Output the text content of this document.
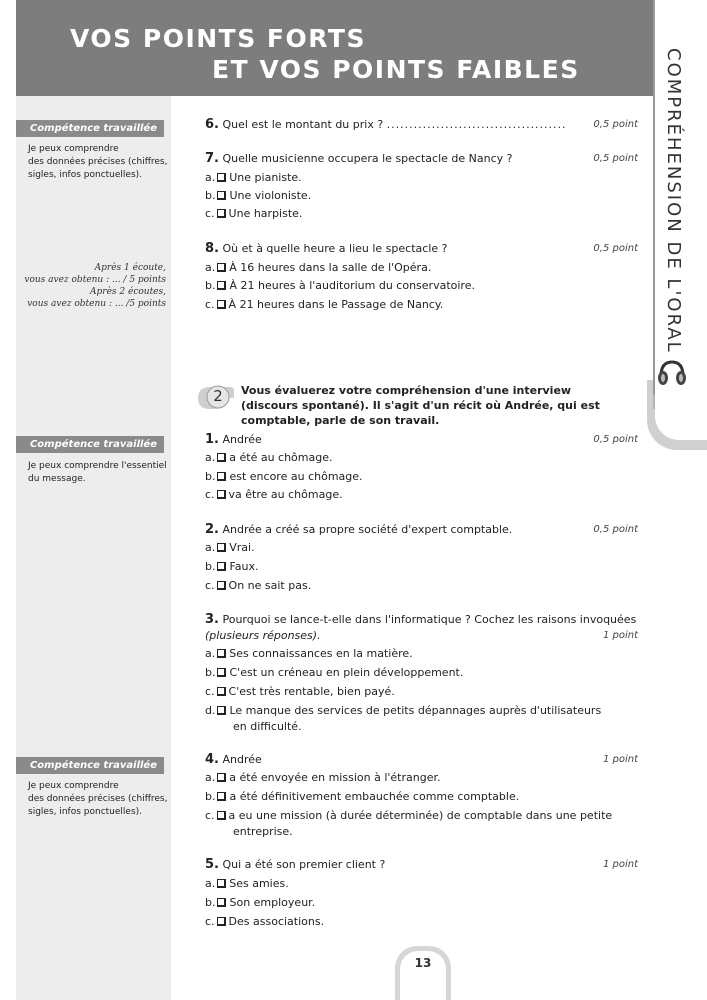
VOS POINTS FORTS
ET VOS POINTS FAIBLES	COMPRÉHENSION DE L'ORAL
Compétence travaillée
Je peux comprendre
des données précises (chiffres,
sigles, infos ponctuelles).
Après 1 écoute,
vous avez obtenu : ... / 5 points
Après 2 écoutes,
vous avez obtenu : ... /5 points
Compétence travaillée
Je peux comprendre l'essentiel
du message.
Compétence travaillée
Je peux comprendre
des données précises (chiffres,
sigles, infos ponctuelles).
6. Quel est le montant du prix ? ........................................	0,5 point
7. Quelle musicienne occupera le spectacle de Nancy ?	0,5 point
a. Une pianiste.
b. Une violoniste.
c. Une harpiste.
8. Où et à quelle heure a lieu le spectacle ?	0,5 point
a. À 16 heures dans la salle de l'Opéra.
b. À 21 heures à l'auditorium du conservatoire.
c. À 21 heures dans le Passage de Nancy.
2 Vous évaluerez votre compréhension d'une interview (discours spontané). Il s'agit d'un récit où Andrée, qui est comptable, parle de son travail.
1. Andrée	0,5 point
a. a été au chômage.
b. est encore au chômage.
c. va être au chômage.
2. Andrée a créé sa propre société d'expert comptable.	0,5 point
a. Vrai.
b. Faux.
c. On ne sait pas.
3. Pourquoi se lance-t-elle dans l'informatique ? Cochez les raisons invoquées
(plusieurs réponses).	1 point
a. Ses connaissances en la matière.
b. C'est un créneau en plein développement.
c. C'est très rentable, bien payé.
d. Le manque des services de petits dépannages auprès d'utilisateurs
en difficulté.
4. Andrée	1 point
a. a été envoyée en mission à l'étranger.
b. a été définitivement embauchée comme comptable.
c. a eu une mission (à durée déterminée) de comptable dans une petite
entreprise.
5. Qui a été son premier client ?	1 point
a. Ses amies.
b. Son employeur.
c. Des associations.
13
